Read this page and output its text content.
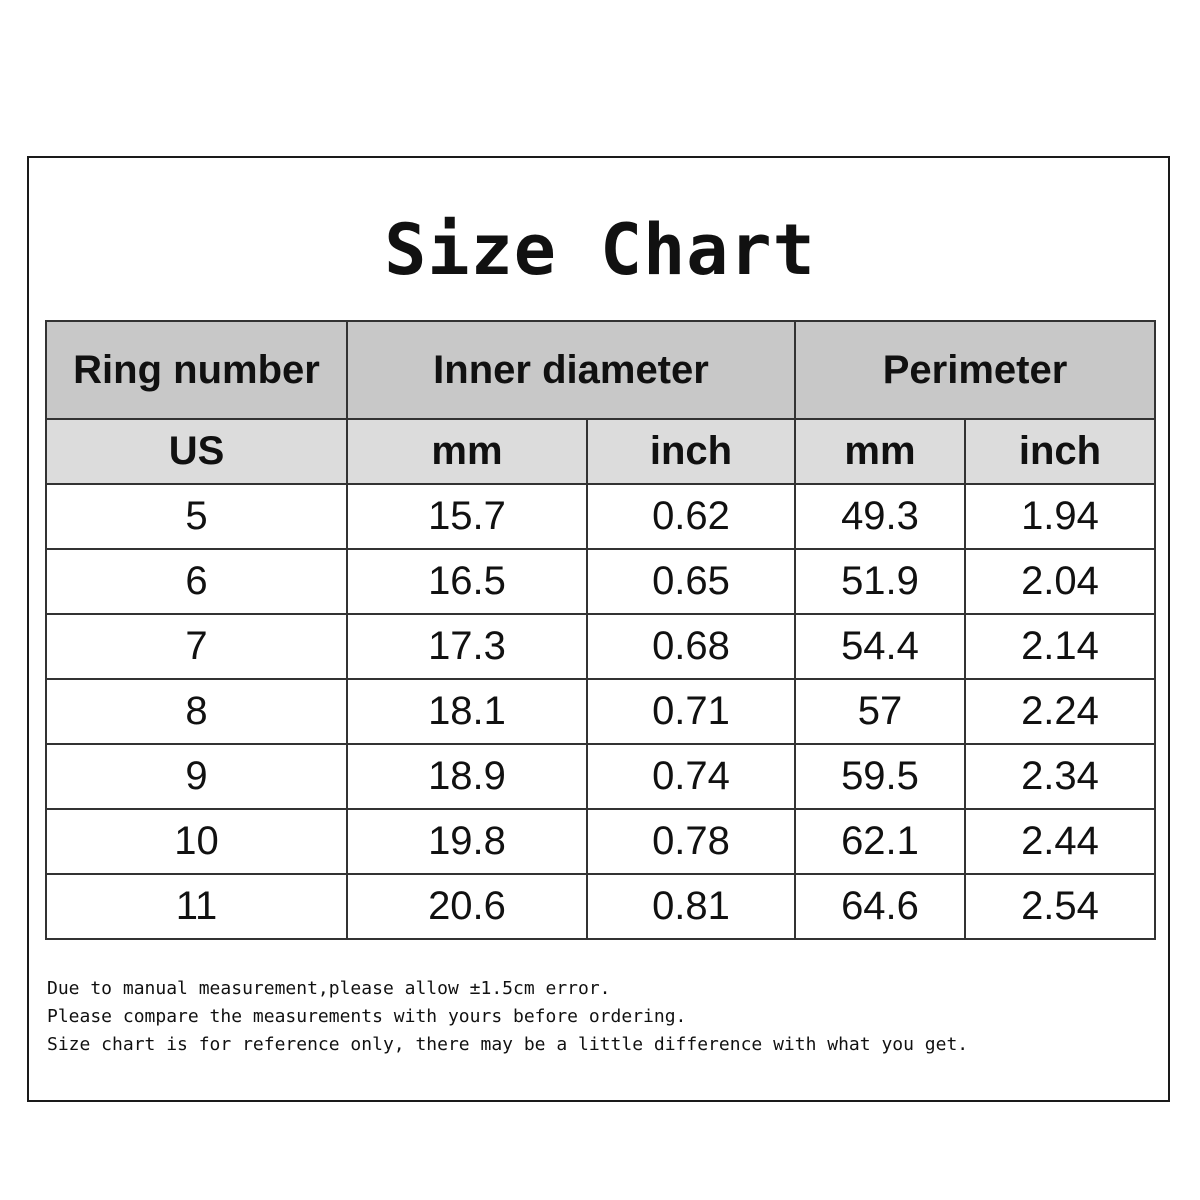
Size Chart
Ring number	Inner diameter		Perimeter	
US	mm	inch	mm	inch
5	15.7	0.62	49.3	1.94
6	16.5	0.65	51.9	2.04
7	17.3	0.68	54.4	2.14
8	18.1	0.71	57	2.24
9	18.9	0.74	59.5	2.34
10	19.8	0.78	62.1	2.44
11	20.6	0.81	64.6	2.54
Due to manual measurement,please allow ±1.5cm error.
Please compare the measurements with yours before ordering.
Size chart is for reference only, there may be a little difference with what you get.
